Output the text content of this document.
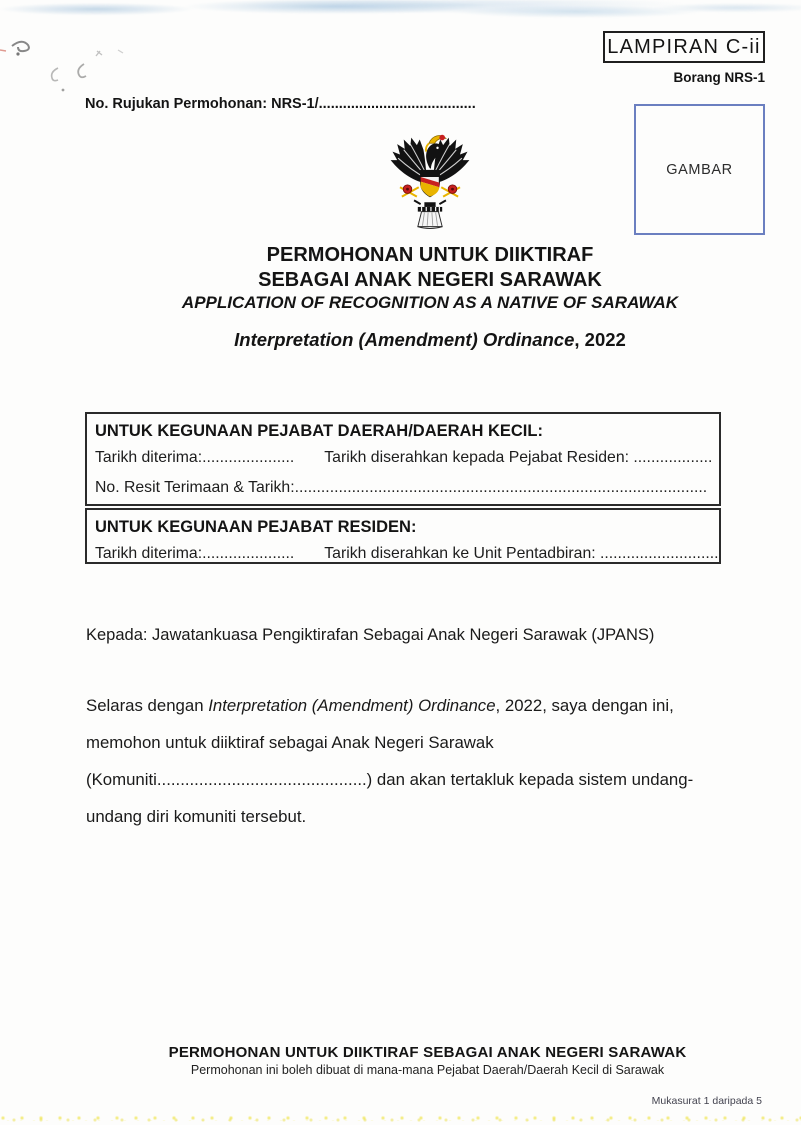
LAMPIRAN C-ii
Borang NRS-1
No. Rujukan Permohonan: NRS-1/.......................................
GAMBAR
PERMOHONAN UNTUK DIIKTIRAF
SEBAGAI ANAK NEGERI SARAWAK
APPLICATION OF RECOGNITION AS A NATIVE OF SARAWAK
Interpretation (Amendment) Ordinance, 2022
UNTUK KEGUNAAN PEJABAT DAERAH/DAERAH KECIL:
Tarikh diterima:..................... Tarikh diserahkan kepada Pejabat Residen: ..................
No. Resit Terimaan & Tarikh:..............................................................................................
UNTUK KEGUNAAN PEJABAT RESIDEN:
Tarikh diterima:..................... Tarikh diserahkan ke Unit Pentadbiran: ...........................
Kepada: Jawatankuasa Pengiktirafan Sebagai Anak Negeri Sarawak (JPANS)
Selaras dengan Interpretation (Amendment) Ordinance, 2022, saya dengan ini, memohon untuk diiktiraf sebagai Anak Negeri Sarawak (Komuniti.............................................) dan akan tertakluk kepada sistem undang-undang diri komuniti tersebut.
PERMOHONAN UNTUK DIIKTIRAF SEBAGAI ANAK NEGERI SARAWAK
Permohonan ini boleh dibuat di mana-mana Pejabat Daerah/Daerah Kecil di Sarawak
Mukasurat 1 daripada 5
